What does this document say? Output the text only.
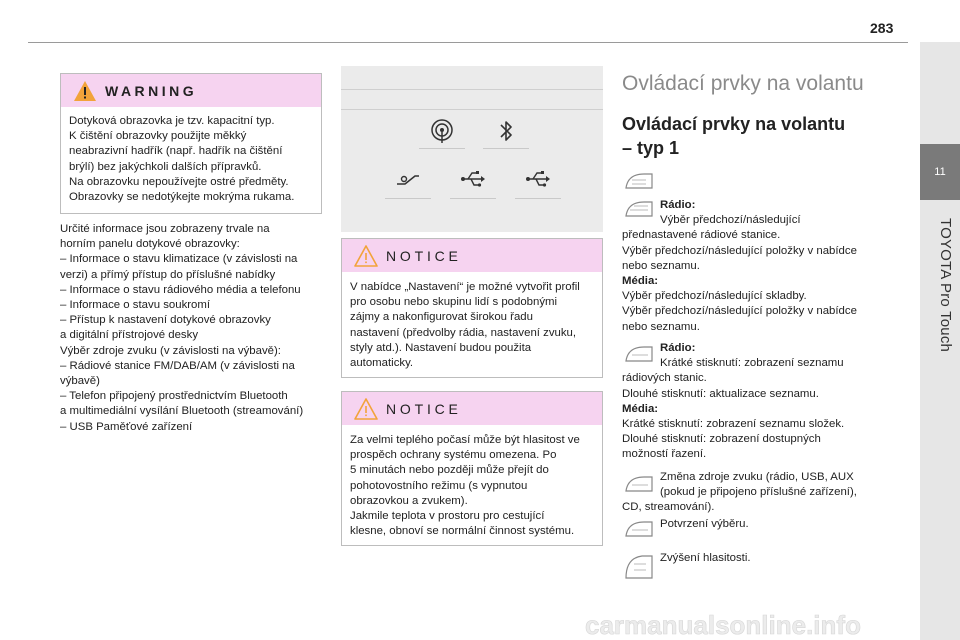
283
11
TOYOTA Pro Touch
WARNING
Dotyková obrazovka je tzv. kapacitní typ.
K čištění obrazovky použijte měkký
neabrazivní hadřík (např. hadřík na čištění
brýlí) bez jakýchkoli dalších přípravků.
Na obrazovku nepoužívejte ostré předměty.
Obrazovky se nedotýkejte mokrýma rukama.
Určité informace jsou zobrazeny trvale na
horním panelu dotykové obrazovky:
– Informace o stavu klimatizace (v závislosti na
verzi) a přímý přístup do příslušné nabídky
– Informace o stavu rádiového média a telefonu
– Informace o stavu soukromí
– Přístup k nastavení dotykové obrazovky
a digitální přístrojové desky
Výběr zdroje zvuku (v závislosti na výbavě):
– Rádiové stanice FM/DAB/AM (v závislosti na
výbavě)
– Telefon připojený prostřednictvím Bluetooth
a multimediální vysílání Bluetooth (streamování)
– USB Paměťové zařízení
NOTICE
V nabídce „Nastavení“ je možné vytvořit profil
pro osobu nebo skupinu lidí s podobnými
zájmy a nakonfigurovat širokou řadu
nastavení (předvolby rádia, nastavení zvuku,
styly atd.). Nastavení budou použita
automaticky.
NOTICE
Za velmi teplého počasí může být hlasitost ve
prospěch ochrany systému omezena. Po
5 minutách nebo později může přejít do
pohotovostního režimu (s vypnutou
obrazovkou a zvukem).
Jakmile teplota v prostoru pro cestující
klesne, obnoví se normální činnost systému.
Ovládací prvky na volantu
Ovládací prvky na volantu
– typ 1
Rádio:
Výběr předchozí/následující
přednastavené rádiové stanice.
Výběr předchozí/následující položky v nabídce
nebo seznamu.
Média:
Výběr předchozí/následující skladby.
Výběr předchozí/následující položky v nabídce
nebo seznamu.
Rádio:
Krátké stisknutí: zobrazení seznamu
rádiových stanic.
Dlouhé stisknutí: aktualizace seznamu.
Média:
Krátké stisknutí: zobrazení seznamu složek.
Dlouhé stisknutí: zobrazení dostupných
možností řazení.
Změna zdroje zvuku (rádio, USB, AUX
(pokud je připojeno příslušné zařízení),
CD, streamování).
Potvrzení výběru.
Zvýšení hlasitosti.
carmanualsonline.info
